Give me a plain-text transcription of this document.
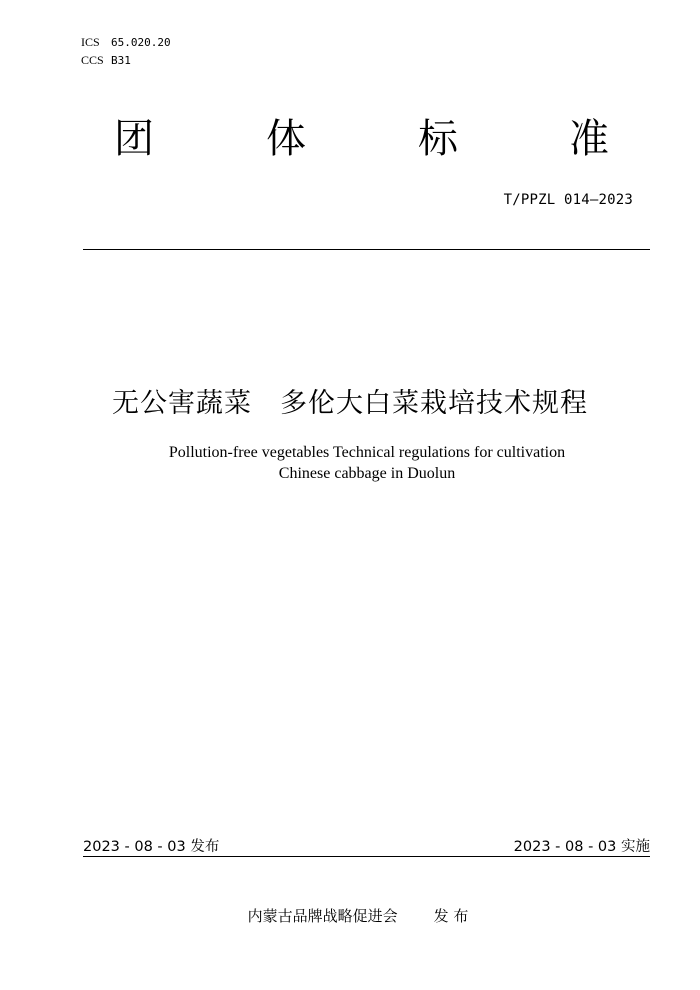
ICS 65.020.20
CCS B31
团	体	标	准
T/PPZL 014—2023
无公害蔬菜　多伦大白菜栽培技术规程
Pollution-free vegetables Technical regulations for cultivation
Chinese cabbage in Duolun
2023 - 08 - 03 发布	2023 - 08 - 03 实施
内蒙古品牌战略促进会 发 布
